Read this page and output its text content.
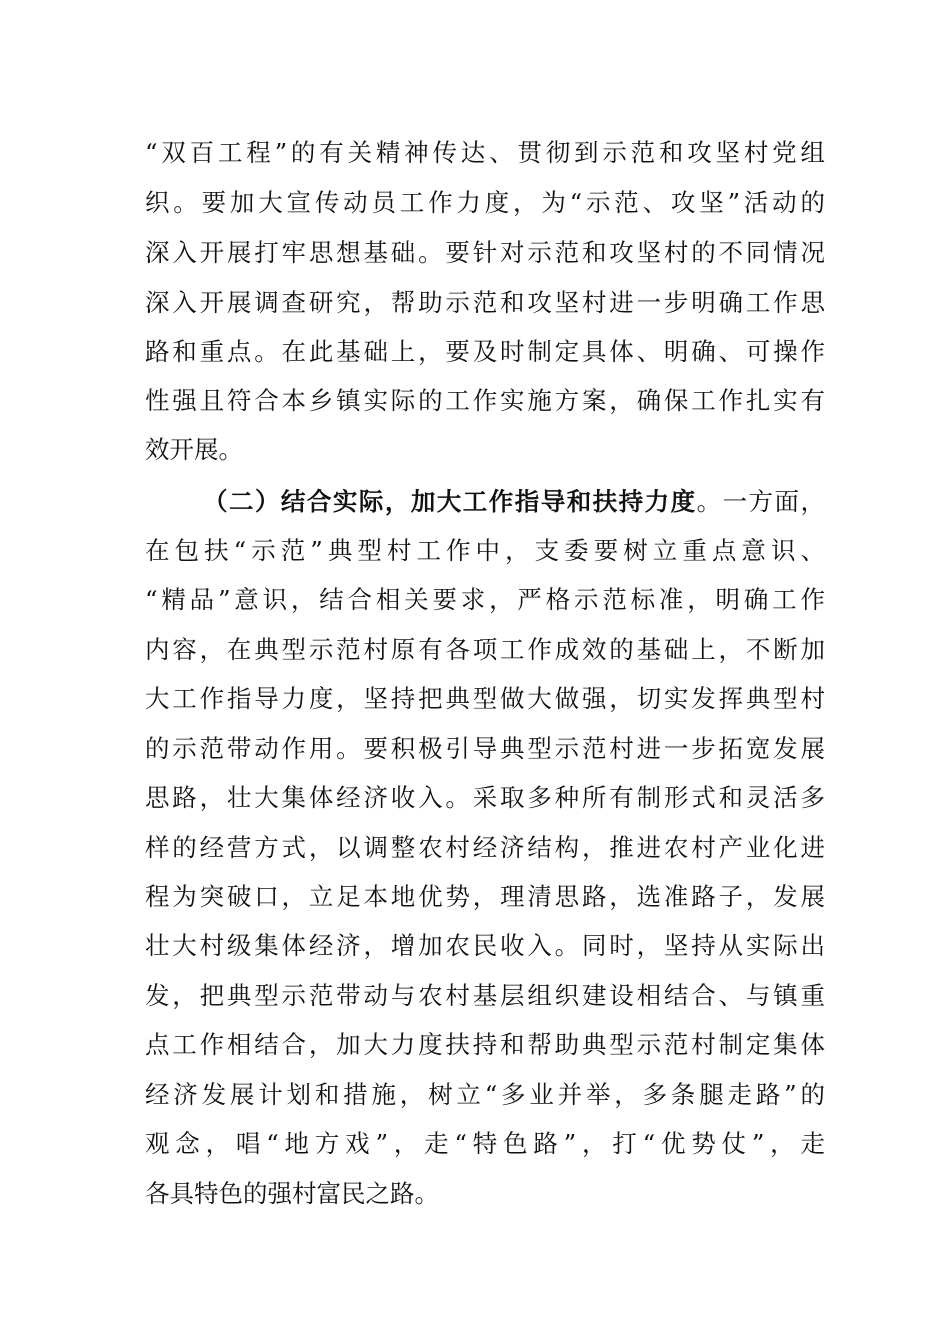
“双百工程”的有关精神传达、贯彻到示范和攻坚村党组
织。要加大宣传动员工作力度，为“示范、攻坚”活动的
深入开展打牢思想基础。要针对示范和攻坚村的不同情况
深入开展调查研究，帮助示范和攻坚村进一步明确工作思
路和重点。在此基础上，要及时制定具体、明确、可操作
性强且符合本乡镇实际的工作实施方案，确保工作扎实有
效开展。
（二）结合实际，加大工作指导和扶持力度。一方面，
在包扶“示范”典型村工作中，支委要树立重点意识、
“精品”意识，结合相关要求，严格示范标准，明确工作
内容，在典型示范村原有各项工作成效的基础上，不断加
大工作指导力度，坚持把典型做大做强，切实发挥典型村
的示范带动作用。要积极引导典型示范村进一步拓宽发展
思路，壮大集体经济收入。采取多种所有制形式和灵活多
样的经营方式，以调整农村经济结构，推进农村产业化进
程为突破口，立足本地优势，理清思路，选准路子，发展
壮大村级集体经济，增加农民收入。同时，坚持从实际出
发，把典型示范带动与农村基层组织建设相结合、与镇重
点工作相结合，加大力度扶持和帮助典型示范村制定集体
经济发展计划和措施，树立“多业并举，多条腿走路”的
观念，唱“地方戏”，走“特色路”，打“优势仗”，走
各具特色的强村富民之路。
